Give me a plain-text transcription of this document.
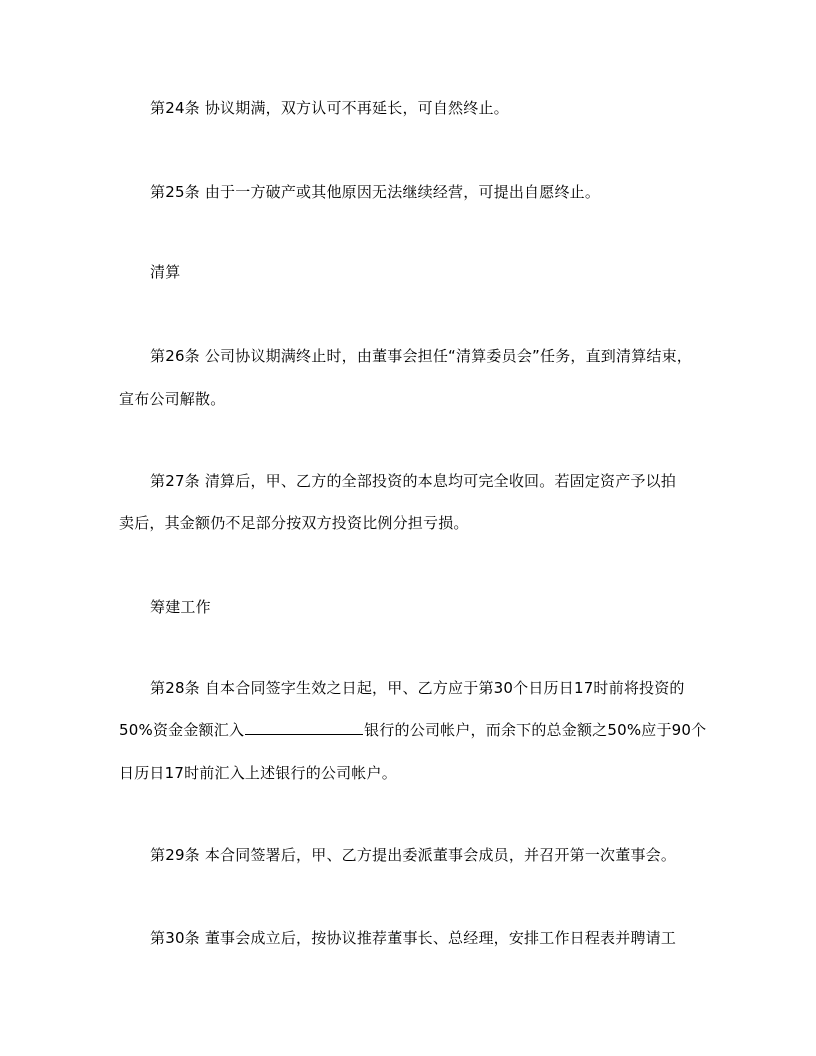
第24条 协议期满，双方认可不再延长，可自然终止。
第25条 由于一方破产或其他原因无法继续经营，可提出自愿终止。
清算
第26条 公司协议期满终止时，由董事会担任“清算委员会”任务，直到清算结束，
宣布公司解散。
第27条 清算后，甲、乙方的全部投资的本息均可完全收回。若固定资产予以拍
卖后，其金额仍不足部分按双方投资比例分担亏损。
筹建工作
第28条 自本合同签字生效之日起，甲、乙方应于第30个日历日17时前将投资的
50%资金金额汇入	银行的公司帐户，而余下的总金额之50%应于90个
日历日17时前汇入上述银行的公司帐户。
第29条 本合同签署后，甲、乙方提出委派董事会成员，并召开第一次董事会。
第30条 董事会成立后，按协议推荐董事长、总经理，安排工作日程表并聘请工
